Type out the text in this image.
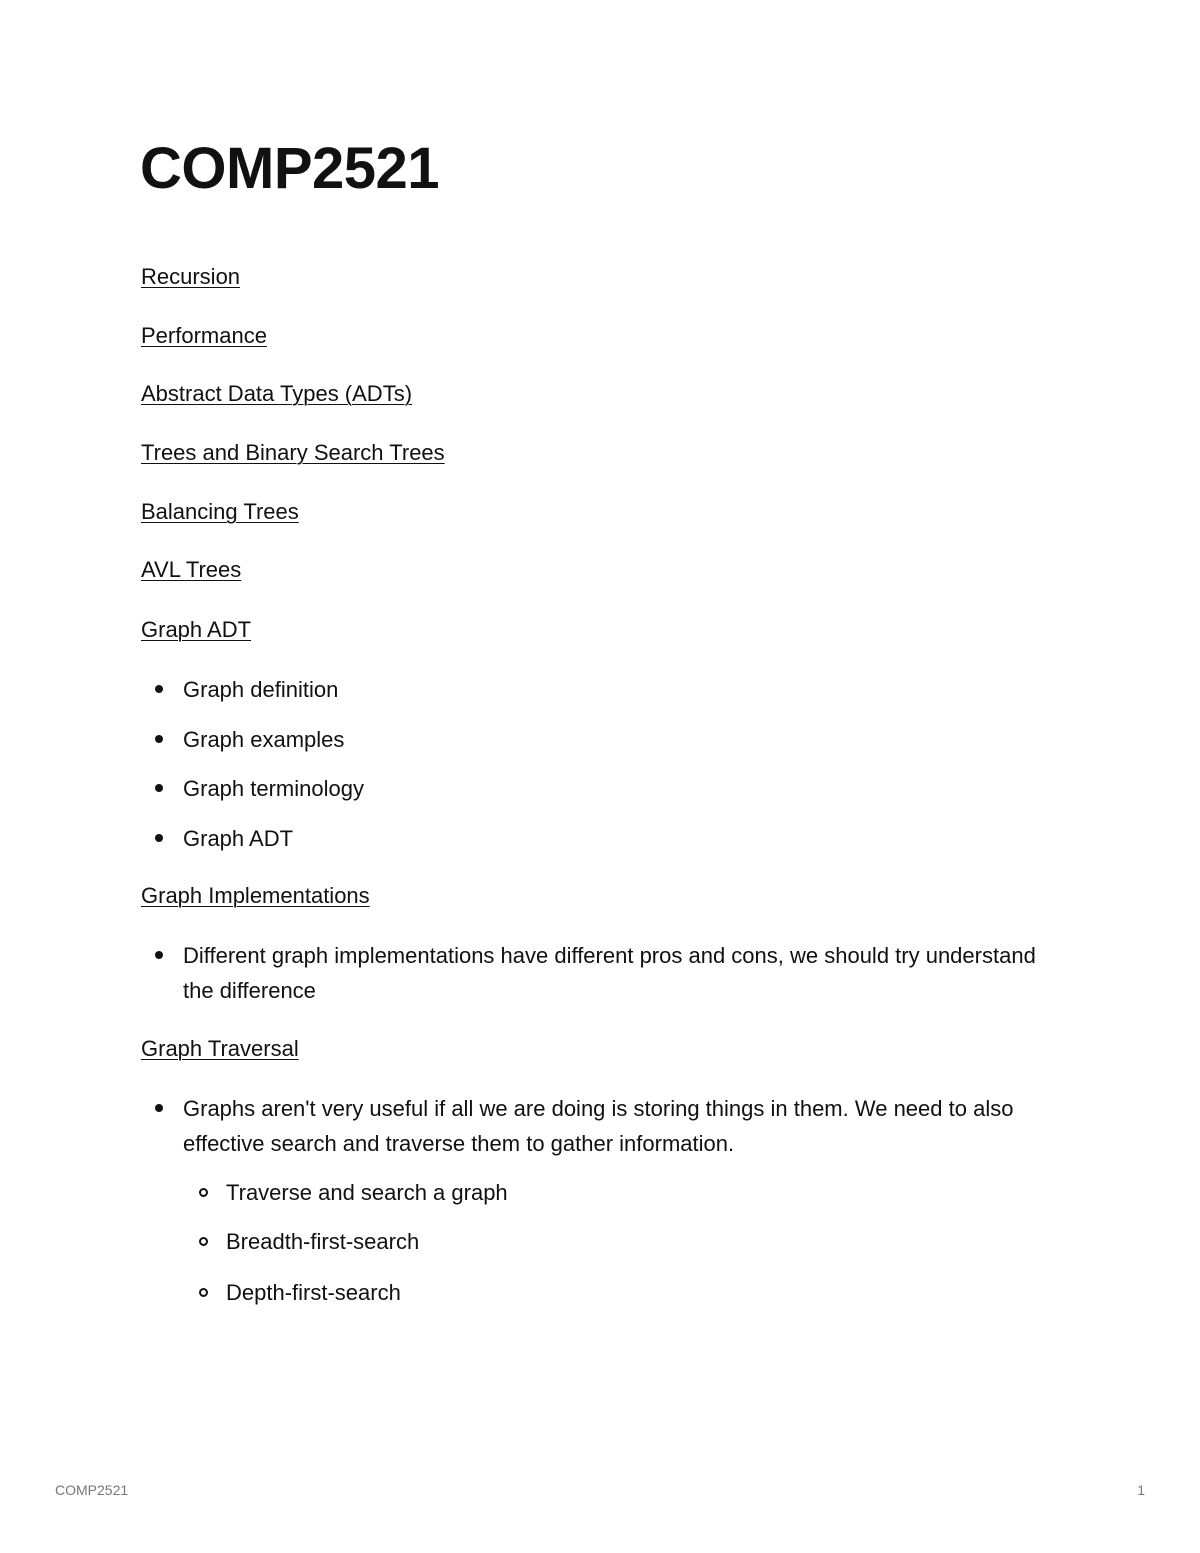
COMP2521
Recursion
Performance
Abstract Data Types (ADTs)
Trees and Binary Search Trees
Balancing Trees
AVL Trees
Graph ADT
Graph definition
Graph examples
Graph terminology
Graph ADT
Graph Implementations
Different graph implementations have different pros and cons, we should try understand the difference
Graph Traversal
Graphs aren't very useful if all we are doing is storing things in them. We need to also effective search and traverse them to gather information.
Traverse and search a graph
Breadth-first-search
Depth-first-search
COMP2521	1
